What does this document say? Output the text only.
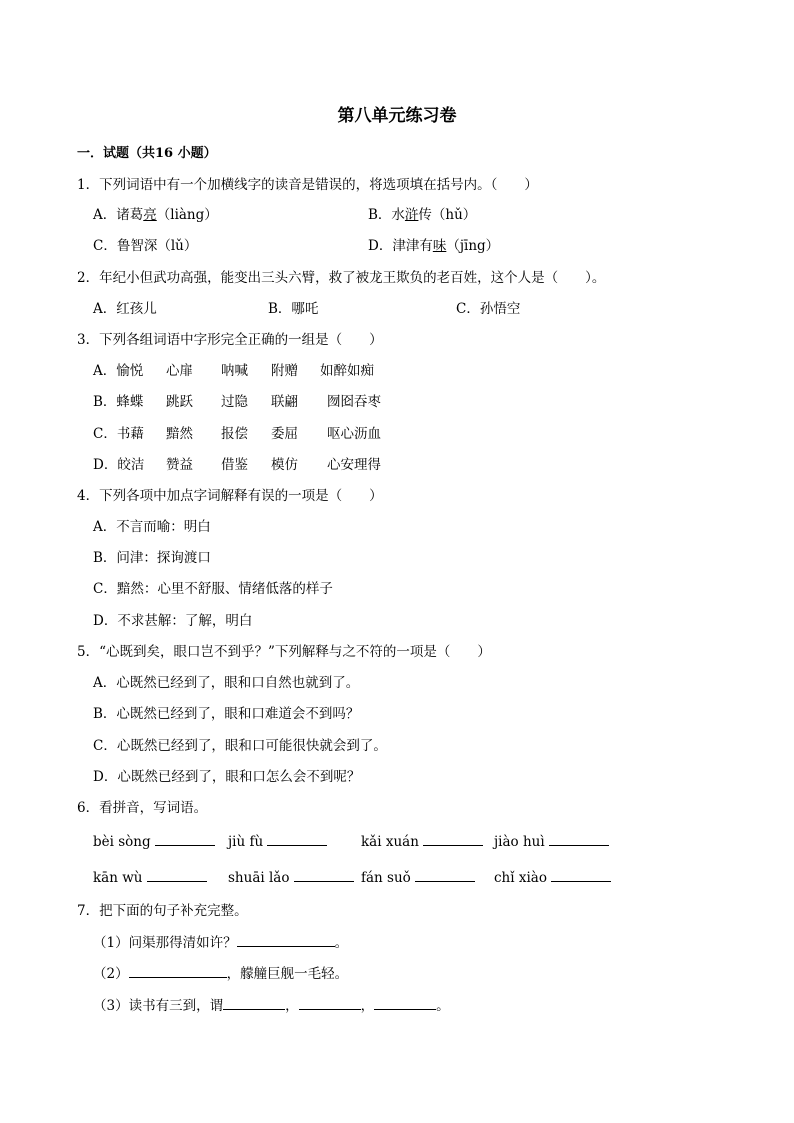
第八单元练习卷
一．试题（共16 小题）
1．下列词语中有一个加横线字的读音是错误的，将选项填在括号内。（　　）
A．诸葛亮（liàng）	B．水浒传（hǔ）
C．鲁智深（lǔ）	D．津津有味（jīng）
2．年纪小但武功高强，能变出三头六臂，救了被龙王欺负的老百姓，这个人是（　　）。
A．红孩儿	B．哪吒	C．孙悟空
3．下列各组词语中字形完全正确的一组是（　　）
A．愉悦 心扉 呐喊 附赠 如醉如痴
B．蜂蝶 跳跃 过隐 联翩 囫囵吞枣
C．书藉 黯然 报偿 委屈 呕心沥血
D．皎洁 赞益 借鉴 模仿 心安理得
4．下列各项中加点字词解释有误的一项是（　　）
A．不言而喻：明白
B．问津：探询渡口
C．黯然：心里不舒服、情绪低落的样子
D．不求甚解：了解，明白
5．“心既到矣，眼口岂不到乎？”下列解释与之不符的一项是（　　）
A．心既然已经到了，眼和口自然也就到了。
B．心既然已经到了，眼和口难道会不到吗？
C．心既然已经到了，眼和口可能很快就会到了。
D．心既然已经到了，眼和口怎么会不到呢？
6．看拼音，写词语。
bèi sòng	jiù fù	kǎi xuán	jiào huì
kān wù	shuāi lǎo	fán suǒ	chǐ xiào
7．把下面的句子补充完整。
（1）问渠那得清如许？	。
（2）	，艨艟巨舰一毛轻。
（3）读书有三到，谓	，	，	。
